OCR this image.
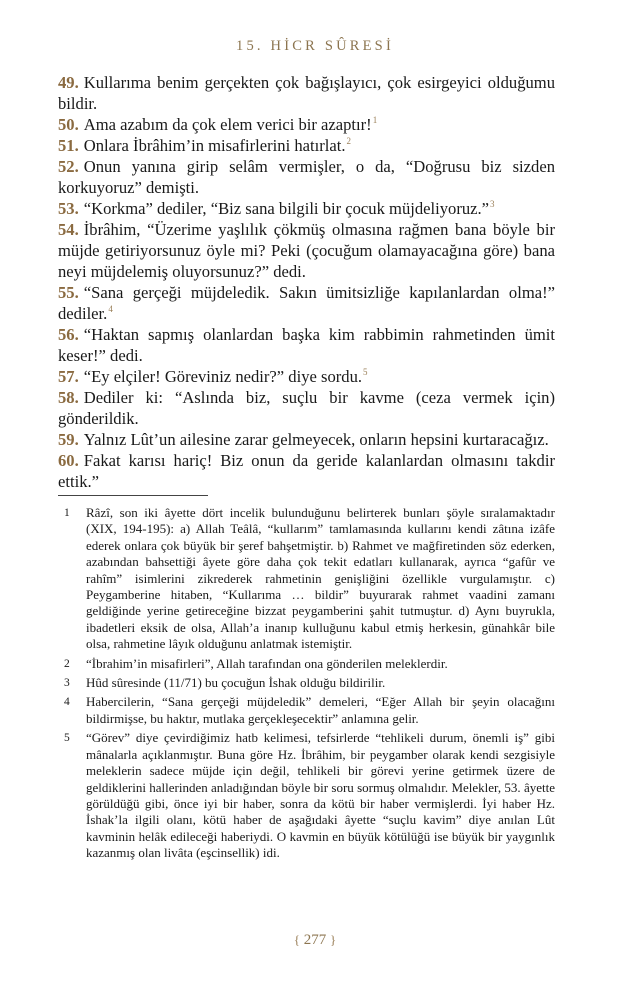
15. HİCR SÛRESİ

49. Kullarıma benim gerçekten çok bağışlayıcı, çok esirgeyici olduğumu bildir.

50. Ama azabım da çok elem verici bir azaptır!$^1$

51. Onlara İbrâhim’in misafirlerini hatırlat.$^2$

52. Onun yanına girip selâm vermişler, o da, “Doğrusu biz sizden korkuyoruz” demişti.

53. “Korkma” dediler, “Biz sana bilgili bir çocuk müjdeliyoruz.”$^3$

54. İbrâhim, “Üzerime yaşlılık çökmüş olmasına rağmen bana böyle bir müjde getiriyorsunuz öyle mi? Peki (çocuğum olamayacağına göre) bana neyi müjdelemiş oluyorsunuz?” dedi.

55. “Sana gerçeği müjdeledik. Sakın ümitsizliğe kapılanlardan olma!” dediler.$^4$

56. “Haktan sapmış olanlardan başka kim rabbimin rahmetinden ümit keser!” dedi.

57. “Ey elçiler! Göreviniz nedir?” diye sordu.$^5$

58. Dediler ki: “Aslında biz, suçlu bir kavme (ceza vermek için) gönderildik.

59. Yalnız Lût’un ailesine zarar gelmeyecek, onların hepsini kurtaracağız.

60. Fakat karısı hariç! Biz onun da geride kalanlardan olmasını takdir ettik.”

1	Râzî, son iki âyette dört incelik bulunduğunu belirterek bunları şöyle sıralamaktadır (XIX, 194-195): a) Allah Teâlâ, “kullarım” tamlamasında kullarını kendi zâtına izâfe ederek onlara çok büyük bir şeref bahşetmiştir. b) Rahmet ve mağfiretinden söz ederken, azabından bahsettiği âyete göre daha çok tekit edatları kullanarak, ayrıca “gafûr ve rahîm” isimlerini zikrederek rahmetinin genişliğini özellikle vurgulamıştır. c) Peygamberine hitaben, “Kullarıma … bildir” buyurarak rahmet vaadini zamanı geldiğinde yerine getireceğine bizzat peygamberini şahit tutmuştur. d) Aynı buyrukla, ibadetleri eksik de olsa, Allah’a inanıp kulluğunu kabul etmiş herkesin, günahkâr bile olsa, rahmetine lâyık olduğunu anlatmak istemiştir.
2	“İbrahim’in misafirleri”, Allah tarafından ona gönderilen meleklerdir.
3	Hûd sûresinde (11/71) bu çocuğun İshak olduğu bildirilir.
4	Habercilerin, “Sana gerçeği müjdeledik” demeleri, “Eğer Allah bir şeyin olacağını bildirmişse, bu haktır, mutlaka gerçekleşecektir” anlamına gelir.
5	“Görev” diye çevirdiğimiz hatb kelimesi, tefsirlerde “tehlikeli durum, önemli iş” gibi mânalarla açıklanmıştır. Buna göre Hz. İbrâhim, bir peygamber olarak kendi sezgisiyle meleklerin sadece müjde için değil, tehlikeli bir görevi yerine getirmek üzere de geldiklerini hallerinden anladığından böyle bir soru sormuş olmalıdır. Melekler, 53. âyette görüldüğü gibi, önce iyi bir haber, sonra da kötü bir haber vermişlerdi. İyi haber Hz. İshak’la ilgili olanı, kötü haber de aşağıdaki âyette “suçlu kavim” diye anılan Lût kavminin helâk edileceği haberiydi. O kavmin en büyük kötülüğü ise büyük bir yaygınlık kazanmış olan livâta (eşcinsellik) idi.
{ 277 }
